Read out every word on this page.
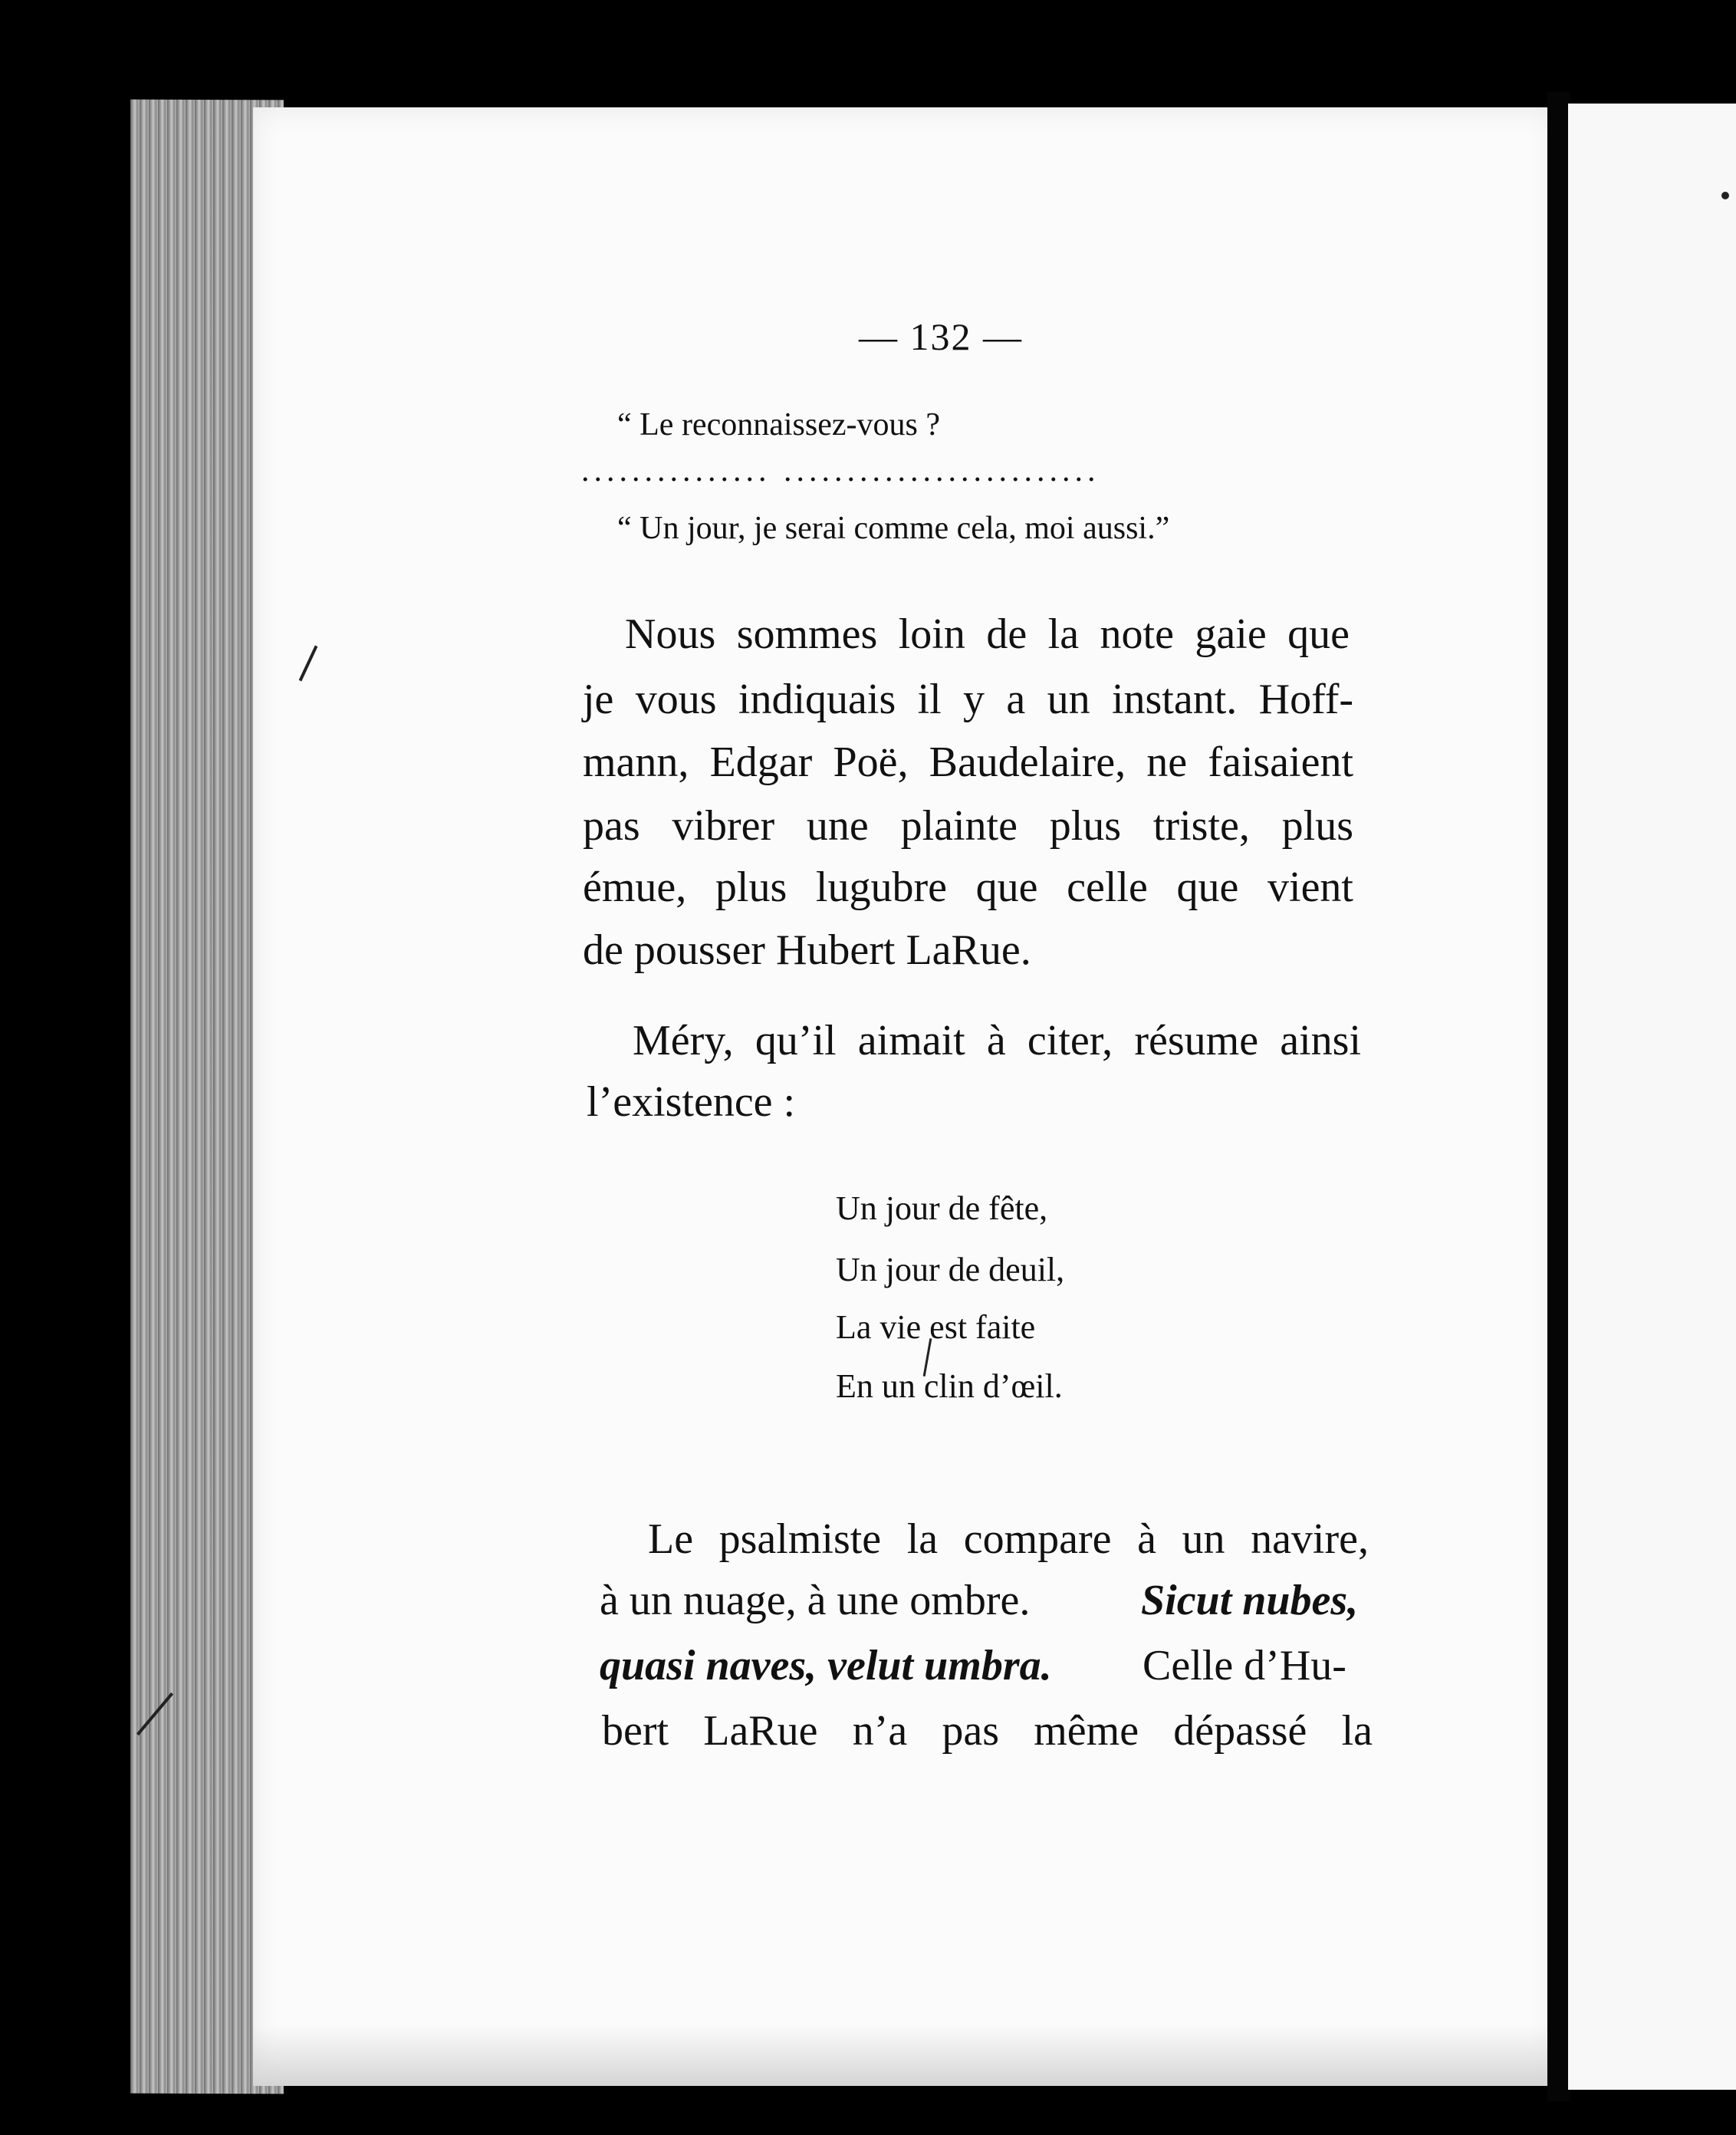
— 132 —
“ Le reconnaissez-vous ?
............... .........................
“ Un jour, je serai comme cela, moi aussi.”
Nous sommes loin de la note gaie que
je vous indiquais il y a un instant. Hoff-
mann, Edgar Poë, Baudelaire, ne faisaient
pas vibrer une plainte plus triste, plus
émue, plus lugubre que celle que vient
de pousser Hubert LaRue.
Méry, qu’il aimait à citer, résume ainsi
l’existence :
Un jour de fête,
Un jour de deuil,
La vie est faite
En un clin d’œil.
Le psalmiste la compare à un navire,
à un nuage, à une ombre.	Sicut nubes,
quasi naves, velut umbra. Celle d’Hu-
bert LaRue n’a pas même dépassé la
